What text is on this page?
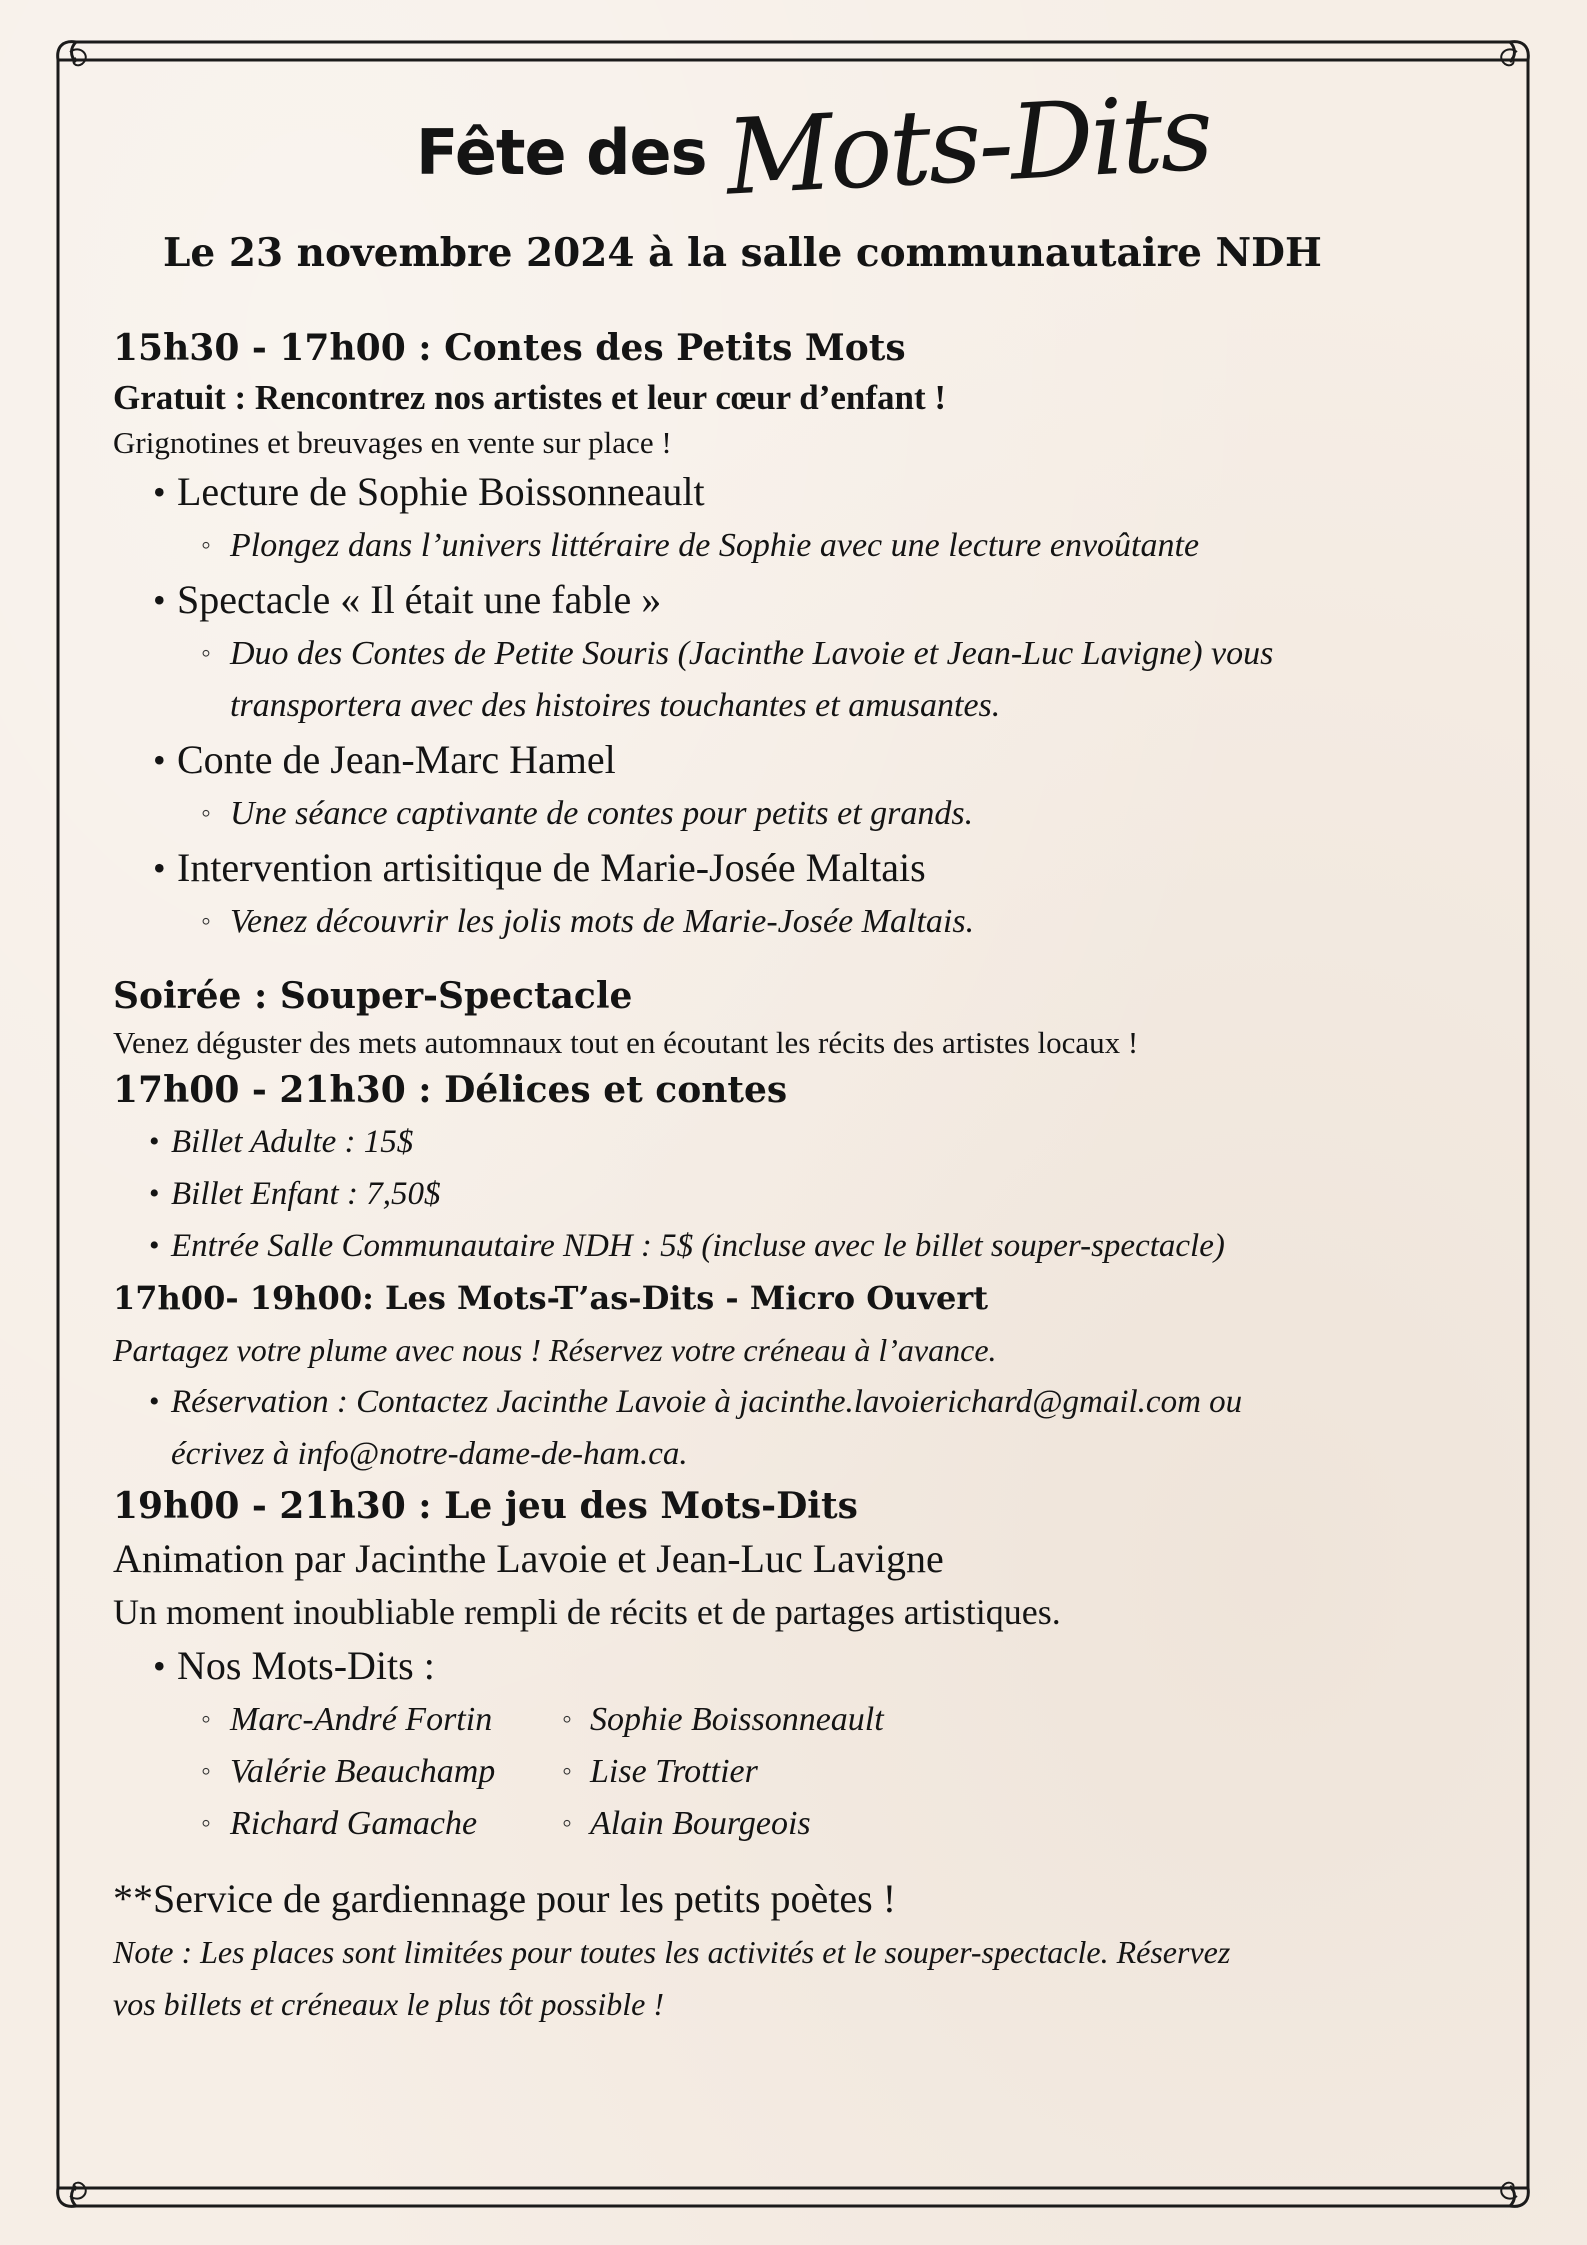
Fête des Mots-Dits
Le 23 novembre 2024 à la salle communautaire NDH

15h30 - 17h00 : Contes des Petits Mots

Gratuit : Rencontrez nos artistes et leur cœur d’enfant !

Grignotines et breuvages en vente sur place !

• Lecture de Sophie Boissonneault
◦ Plongez dans l’univers littéraire de Sophie avec une lecture envoûtante
• Spectacle « Il était une fable »
◦ Duo des Contes de Petite Souris (Jacinthe Lavoie et Jean-Luc Lavigne) vous
transportera avec des histoires touchantes et amusantes.
• Conte de Jean-Marc Hamel
◦ Une séance captivante de contes pour petits et grands.
• Intervention artisitique de Marie-Josée Maltais
◦ Venez découvrir les jolis mots de Marie-Josée Maltais.

Soirée : Souper-Spectacle

Venez déguster des mets automnaux tout en écoutant les récits des artistes locaux !

17h00 - 21h30 : Délices et contes

• Billet Adulte : 15$
• Billet Enfant : 7,50$
• Entrée Salle Communautaire NDH : 5$ (incluse avec le billet souper-spectacle)

17h00- 19h00: Les Mots-T’as-Dits - Micro Ouvert

Partagez votre plume avec nous ! Réservez votre créneau à l’avance.

• Réservation : Contactez Jacinthe Lavoie à jacinthe.lavoierichard@gmail.com ou
écrivez à info@notre-dame-de-ham.ca.

19h00 - 21h30 : Le jeu des Mots-Dits

Animation par Jacinthe Lavoie et Jean-Luc Lavigne

Un moment inoubliable rempli de récits et de partages artistiques.

• Nos Mots-Dits :
◦ Marc-André Fortin
◦ Valérie Beauchamp
◦ Richard Gamache
◦ Sophie Boissonneault
◦ Lise Trottier
◦ Alain Bourgeois

**Service de gardiennage pour les petits poètes !

Note : Les places sont limitées pour toutes les activités et le souper-spectacle. Réservez

vos billets et créneaux le plus tôt possible !
